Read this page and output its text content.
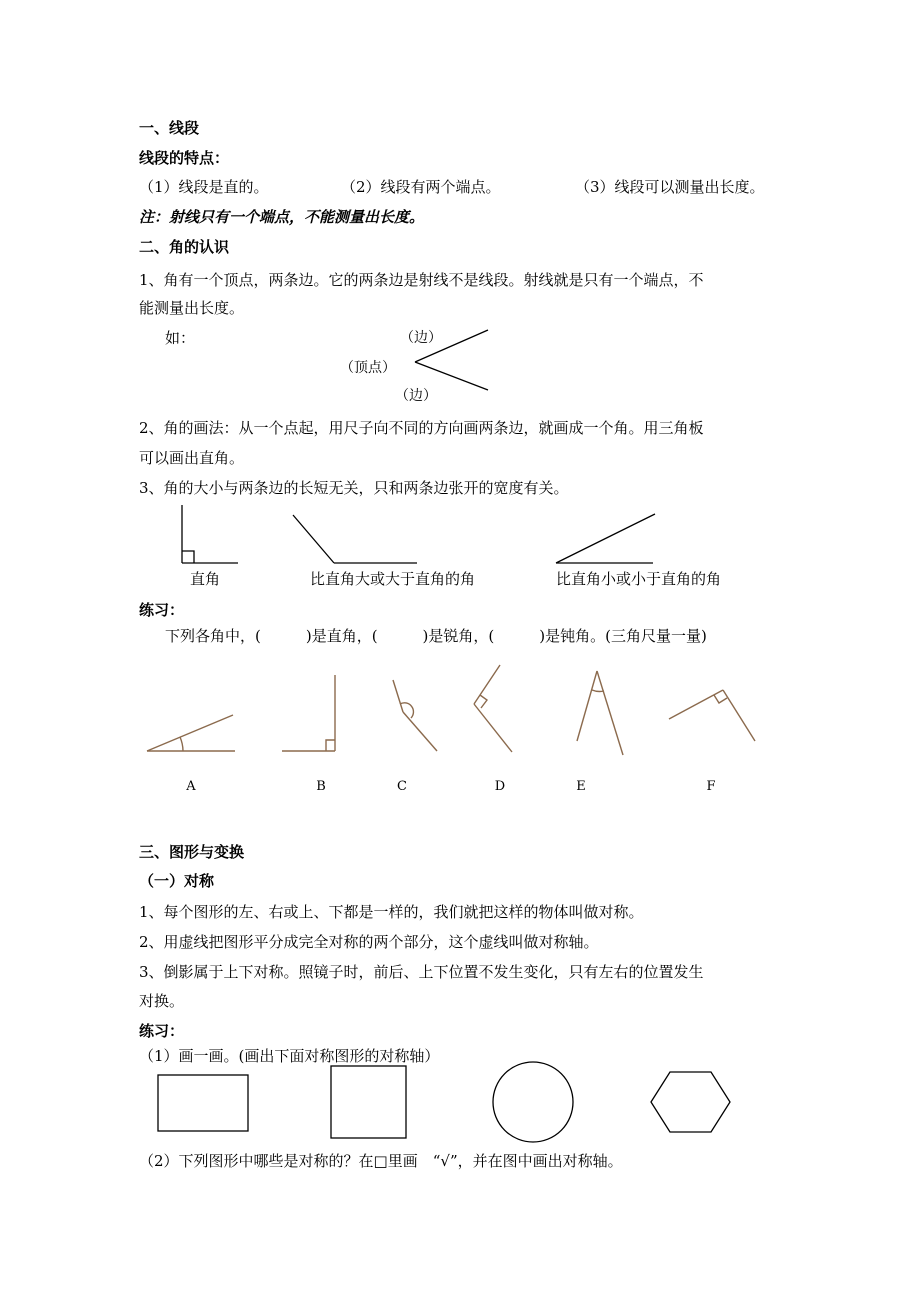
一、线段
线段的特点：
（1）线段是直的。	（2）线段有两个端点。	（3）线段可以测量出长度。
注：射线只有一个端点，不能测量出长度。
二、角的认识
1、角有一个顶点，两条边。它的两条边是射线不是线段。射线就是只有一个端点，不
能测量出长度。
如：	（边）
（顶点）
（边）
2、角的画法：从一个点起，用尺子向不同的方向画两条边，就画成一个角。用三角板
可以画出直角。
3、角的大小与两条边的长短无关，只和两条边张开的宽度有关。
直角	比直角大或大于直角的角	比直角小或小于直角的角
练习：
下列各角中，(　　　)是直角，(　　　)是锐角，(　　　)是钝角。(三角尺量一量)
A	B	C	D	E	F
三、图形与变换
（一）对称
1、每个图形的左、右或上、下都是一样的，我们就把这样的物体叫做对称。
2、用虚线把图形平分成完全对称的两个部分，这个虚线叫做对称轴。
3、倒影属于上下对称。照镜子时，前后、上下位置不发生变化，只有左右的位置发生
对换。
练习：
（1）画一画。(画出下面对称图形的对称轴）
（2）下列图形中哪些是对称的？在□里画　“√”，并在图中画出对称轴。
